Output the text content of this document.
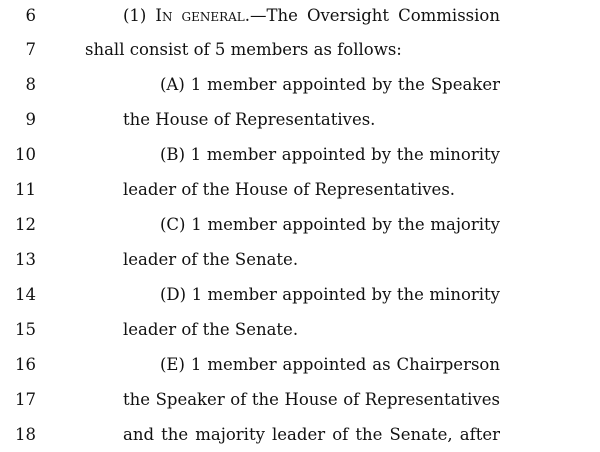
6	(1) In general.—The Oversight Commission
7	shall consist of 5 members as follows:
8	(A) 1 member appointed by the Speaker
9	the House of Representatives.
10	(B) 1 member appointed by the minority
11	leader of the House of Representatives.
12	(C) 1 member appointed by the majority
13	leader of the Senate.
14	(D) 1 member appointed by the minority
15	leader of the Senate.
16	(E) 1 member appointed as Chairperson
17	the Speaker of the House of Representatives
18	and the majority leader of the Senate, after
